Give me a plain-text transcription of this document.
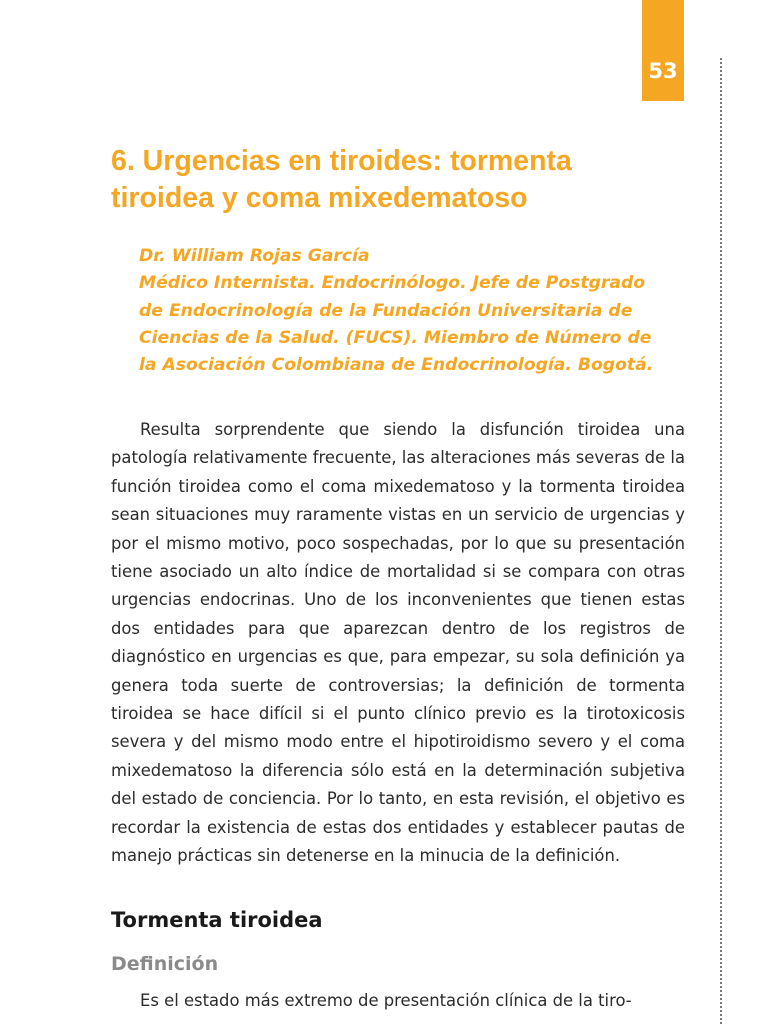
53
6. Urgencias en tiroides: tormenta tiroidea y coma mixedematoso
Dr. William Rojas García
Médico Internista. Endocrinólogo. Jefe de Postgrado
de Endocrinología de la Fundación Universitaria de
Ciencias de la Salud. (FUCS). Miembro de Número de
la Asociación Colombiana de Endocrinología. Bogotá.

Resulta sorprendente que siendo la disfunción tiroidea una patología relativamente frecuente, las alteraciones más severas de la función tiroidea como el coma mixedematoso y la tormenta tiroidea sean situaciones muy raramente vistas en un servicio de urgencias y por el mismo motivo, poco sospechadas, por lo que su presentación tiene asociado un alto índice de mortalidad si se compara con otras urgencias endocrinas. Uno de los inconvenientes que tienen estas dos entidades para que aparezcan dentro de los registros de diagnóstico en urgencias es que, para empezar, su sola definición ya genera toda suerte de controversias; la definición de tormenta tiroidea se hace difícil si el punto clínico previo es la tirotoxicosis severa y del mismo modo entre el hipotiroidismo severo y el coma mixedematoso la diferencia sólo está en la determinación subjetiva del estado de conciencia. Por lo tanto, en esta revisión, el objetivo es recordar la existencia de estas dos entidades y establecer pautas de manejo prácticas sin detenerse en la minucia de la definición.

Tormenta tiroidea
Definición

Es el estado más extremo de presentación clínica de la tiro-
